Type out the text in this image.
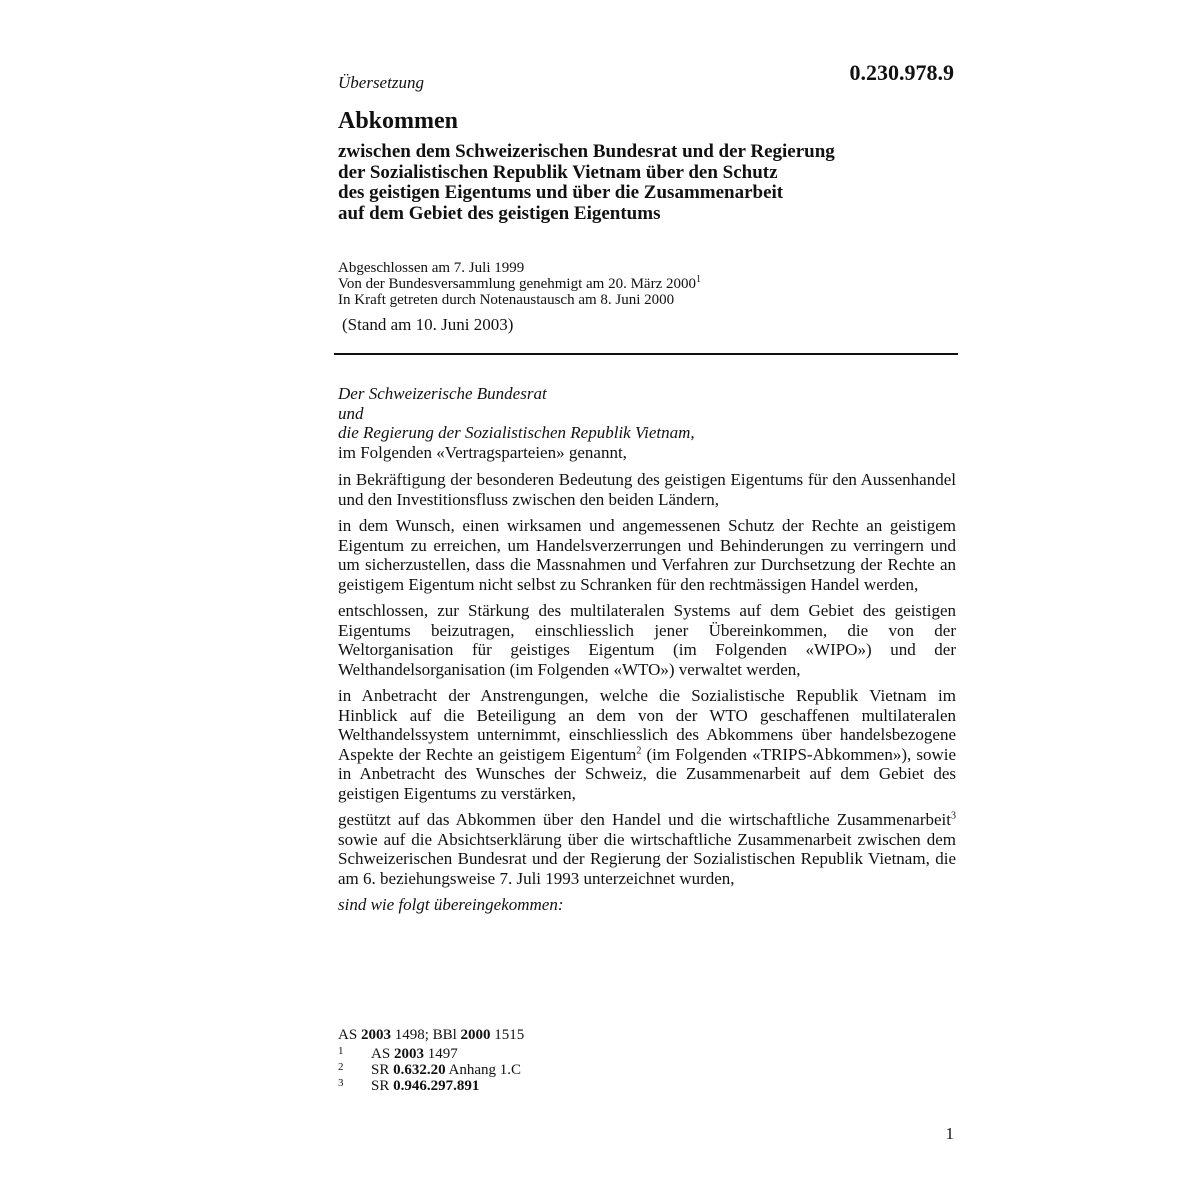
Übersetzung	0.230.978.9
Abkommen
zwischen dem Schweizerischen Bundesrat und der Regierung
der Sozialistischen Republik Vietnam über den Schutz
des geistigen Eigentums und über die Zusammenarbeit
auf dem Gebiet des geistigen Eigentums
Abgeschlossen am 7. Juli 1999
Von der Bundesversammlung genehmigt am 20. März 2000$^1$
In Kraft getreten durch Notenaustausch am 8. Juni 2000
(Stand am 10. Juni 2003)
Der Schweizerische Bundesrat
und
die Regierung der Sozialistischen Republik Vietnam,
im Folgenden «Vertragsparteien» genannt,

in Bekräftigung der besonderen Bedeutung des geistigen Eigentums für den Aussenhandel und den Investitionsfluss zwischen den beiden Ländern,

in dem Wunsch, einen wirksamen und angemessenen Schutz der Rechte an geistigem Eigentum zu erreichen, um Handelsverzerrungen und Behinderungen zu verringern und um sicherzustellen, dass die Massnahmen und Verfahren zur Durchsetzung der Rechte an geistigem Eigentum nicht selbst zu Schranken für den rechtmässigen Handel werden,

entschlossen, zur Stärkung des multilateralen Systems auf dem Gebiet des geistigen Eigentums beizutragen, einschliesslich jener Übereinkommen, die von der Weltorganisation für geistiges Eigentum (im Folgenden «WIPO») und der Welthandelsorganisation (im Folgenden «WTO») verwaltet werden,

in Anbetracht der Anstrengungen, welche die Sozialistische Republik Vietnam im Hinblick auf die Beteiligung an dem von der WTO geschaffenen multilateralen Welthandelssystem unternimmt, einschliesslich des Abkommens über handelsbezogene Aspekte der Rechte an geistigem Eigentum$^2$ (im Folgenden «TRIPS-Abkommen»), sowie in Anbetracht des Wunsches der Schweiz, die Zusammenarbeit auf dem Gebiet des geistigen Eigentums zu verstärken,

gestützt auf das Abkommen über den Handel und die wirtschaftliche Zusammenarbeit$^3$ sowie auf die Absichtserklärung über die wirtschaftliche Zusammenarbeit zwischen dem Schweizerischen Bundesrat und der Regierung der Sozialistischen Republik Vietnam, die am 6. beziehungsweise 7. Juli 1993 unterzeichnet wurden,

sind wie folgt übereingekommen:

AS 2003 1498; BBl 2000 1515
1	AS 2003 1497
2	SR 0.632.20 Anhang 1.C
3	SR 0.946.297.891
1
